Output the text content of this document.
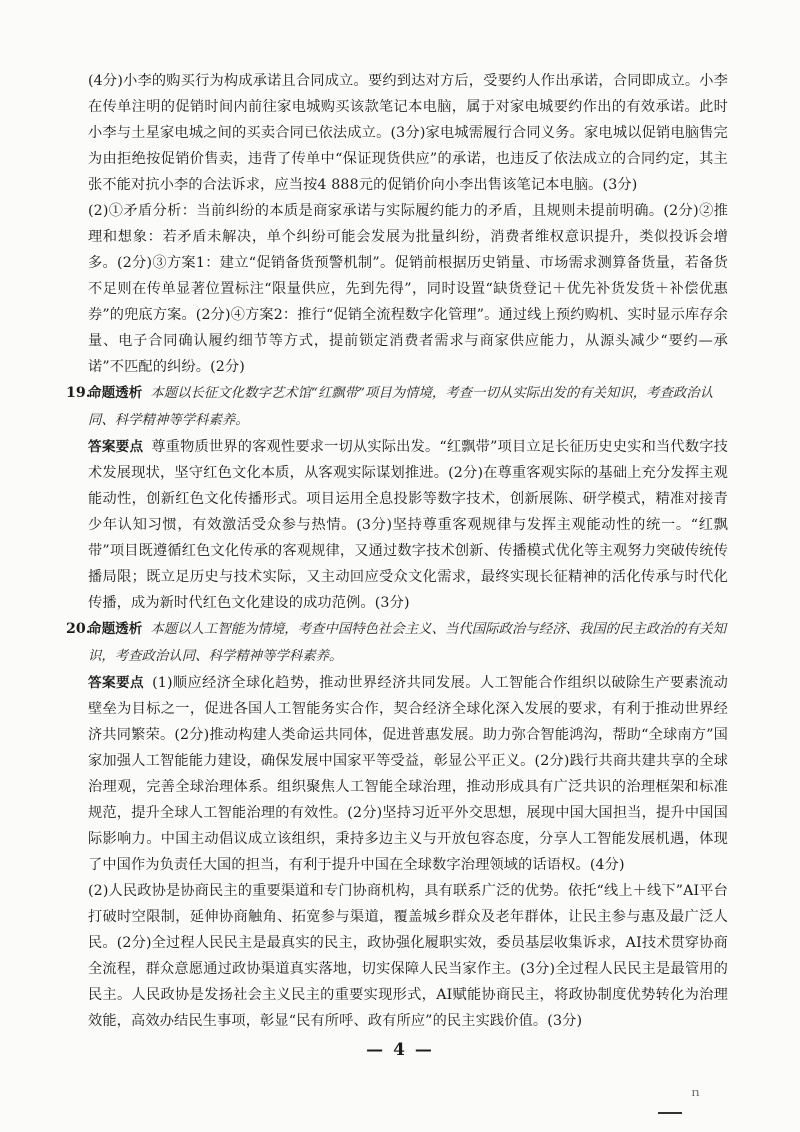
(4分)小李的购买行为构成承诺且合同成立。要约到达对方后，受要约人作出承诺，合同即成立。小李在传单注明的促销时间内前往家电城购买该款笔记本电脑，属于对家电城要约作出的有效承诺。此时小李与土星家电城之间的买卖合同已依法成立。(3分)家电城需履行合同义务。家电城以促销电脑售完为由拒绝按促销价售卖，违背了传单中“保证现货供应”的承诺，也违反了依法成立的合同约定，其主张不能对抗小李的合法诉求，应当按4 888元的促销价向小李出售该笔记本电脑。(3分)

(2)①矛盾分析：当前纠纷的本质是商家承诺与实际履约能力的矛盾，且规则未提前明确。(2分)②推理和想象：若矛盾未解决，单个纠纷可能会发展为批量纠纷，消费者维权意识提升，类似投诉会增多。(2分)③方案1：建立“促销备货预警机制”。促销前根据历史销量、市场需求测算备货量，若备货不足则在传单显著位置标注“限量供应，先到先得”，同时设置“缺货登记＋优先补货发货＋补偿优惠券”的兜底方案。(2分)④方案2：推行“促销全流程数字化管理”。通过线上预约购机、实时显示库存余量、电子合同确认履约细节等方式，提前锁定消费者需求与商家供应能力，从源头减少“要约—承诺”不匹配的纠纷。(2分)

19.
命题透析 本题以长征文化数字艺术馆“红飘带”项目为情境，考查一切从实际出发的有关知识，考查政治认同、科学精神等学科素养。

答案要点 尊重物质世界的客观性要求一切从实际出发。“红飘带”项目立足长征历史史实和当代数字技术发展现状，坚守红色文化本质，从客观实际谋划推进。(2分)在尊重客观实际的基础上充分发挥主观能动性，创新红色文化传播形式。项目运用全息投影等数字技术，创新展陈、研学模式，精准对接青少年认知习惯，有效激活受众参与热情。(3分)坚持尊重客观规律与发挥主观能动性的统一。“红飘带”项目既遵循红色文化传承的客观规律，又通过数字技术创新、传播模式优化等主观努力突破传统传播局限；既立足历史与技术实际，又主动回应受众文化需求，最终实现长征精神的活化传承与时代化传播，成为新时代红色文化建设的成功范例。(3分)

20.
命题透析 本题以人工智能为情境，考查中国特色社会主义、当代国际政治与经济、我国的民主政治的有关知识，考查政治认同、科学精神等学科素养。

答案要点 (1)顺应经济全球化趋势，推动世界经济共同发展。人工智能合作组织以破除生产要素流动壁垒为目标之一，促进各国人工智能务实合作，契合经济全球化深入发展的要求，有利于推动世界经济共同繁荣。(2分)推动构建人类命运共同体，促进普惠发展。助力弥合智能鸿沟，帮助“全球南方”国家加强人工智能能力建设，确保发展中国家平等受益，彰显公平正义。(2分)践行共商共建共享的全球治理观，完善全球治理体系。组织聚焦人工智能全球治理，推动形成具有广泛共识的治理框架和标准规范，提升全球人工智能治理的有效性。(2分)坚持习近平外交思想，展现中国大国担当，提升中国国际影响力。中国主动倡议成立该组织，秉持多边主义与开放包容态度，分享人工智能发展机遇，体现了中国作为负责任大国的担当，有利于提升中国在全球数字治理领域的话语权。(4分)

(2)人民政协是协商民主的重要渠道和专门协商机构，具有联系广泛的优势。依托“线上＋线下”AI平台打破时空限制，延伸协商触角、拓宽参与渠道，覆盖城乡群众及老年群体，让民主参与惠及最广泛人民。(2分)全过程人民民主是最真实的民主，政协强化履职实效，委员基层收集诉求，AI技术贯穿协商全流程，群众意愿通过政协渠道真实落地，切实保障人民当家作主。(3分)全过程人民民主是最管用的民主。人民政协是发扬社会主义民主的重要实现形式，AI赋能协商民主，将政协制度优势转化为治理效能，高效办结民生事项，彰显“民有所呼、政有所应”的民主实践价值。(3分)

— 4 —
ｎ
